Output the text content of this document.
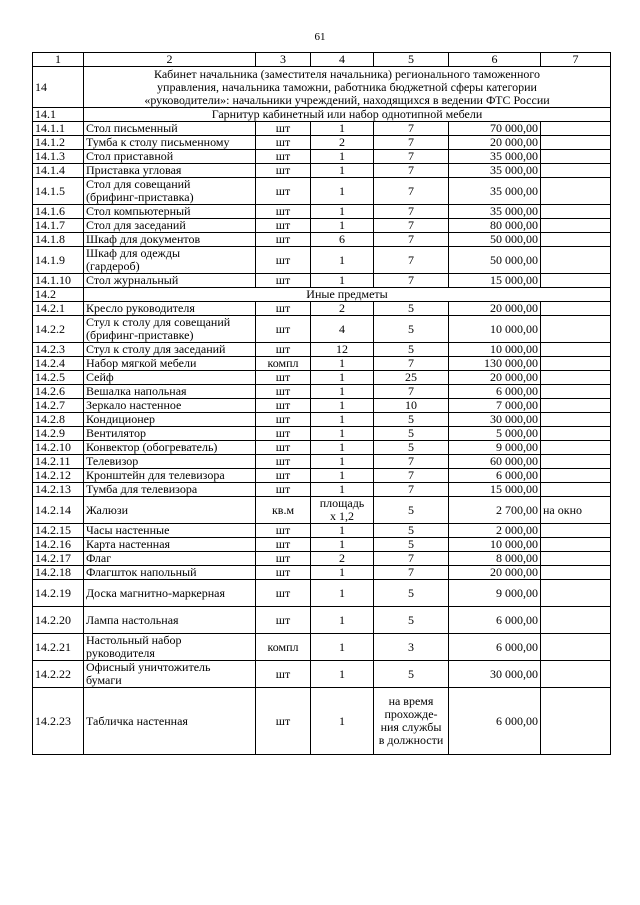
61
1	2	3	4	5	6	7
14	Кабинет начальника (заместителя начальника) регионального таможенного
управления, начальника таможни, работника бюджетной сферы категории
«руководители»: начальники учреждений, находящихся в ведении ФТС России					
14.1	Гарнитур кабинетный или набор однотипной мебели					
14.1.1	Стол письменный	шт	1	7	70 000,00	
14.1.2	Тумба к столу письменному	шт	2	7	20 000,00	
14.1.3	Стол приставной	шт	1	7	35 000,00	
14.1.4	Приставка угловая	шт	1	7	35 000,00	
14.1.5	Стол для совещаний
(брифинг-приставка)	шт	1	7	35 000,00	
14.1.6	Стол компьютерный	шт	1	7	35 000,00	
14.1.7	Стол для заседаний	шт	1	7	80 000,00	
14.1.8	Шкаф для документов	шт	6	7	50 000,00	
14.1.9	Шкаф для одежды
(гардероб)	шт	1	7	50 000,00	
14.1.10	Стол журнальный	шт	1	7	15 000,00	
14.2	Иные предметы					
14.2.1	Кресло руководителя	шт	2	5	20 000,00	
14.2.2	Стул к столу для совещаний
(брифинг-приставке)	шт	4	5	10 000,00	
14.2.3	Стул к столу для заседаний	шт	12	5	10 000,00	
14.2.4	Набор мягкой мебели	компл	1	7	130 000,00	
14.2.5	Сейф	шт	1	25	20 000,00	
14.2.6	Вешалка напольная	шт	1	7	6 000,00	
14.2.7	Зеркало настенное	шт	1	10	7 000,00	
14.2.8	Кондиционер	шт	1	5	30 000,00	
14.2.9	Вентилятор	шт	1	5	5 000,00	
14.2.10	Конвектор (обогреватель)	шт	1	5	9 000,00	
14.2.11	Телевизор	шт	1	7	60 000,00	
14.2.12	Кронштейн для телевизора	шт	1	7	6 000,00	
14.2.13	Тумба для телевизора	шт	1	7	15 000,00	
14.2.14	Жалюзи	кв.м	площадь
х 1,2	5	2 700,00	на окно
14.2.15	Часы настенные	шт	1	5	2 000,00	
14.2.16	Карта настенная	шт	1	5	10 000,00	
14.2.17	Флаг	шт	2	7	8 000,00	
14.2.18	Флагшток напольный	шт	1	7	20 000,00	
14.2.19	Доска магнитно-маркерная	шт	1	5	9 000,00	
14.2.20	Лампа настольная	шт	1	5	6 000,00	
14.2.21	Настольный набор
руководителя	компл	1	3	6 000,00	
14.2.22	Офисный уничтожитель
бумаги	шт	1	5	30 000,00	
14.2.23	Табличка настенная	шт	1	на время
прохожде-
ния службы
в должности	6 000,00	
